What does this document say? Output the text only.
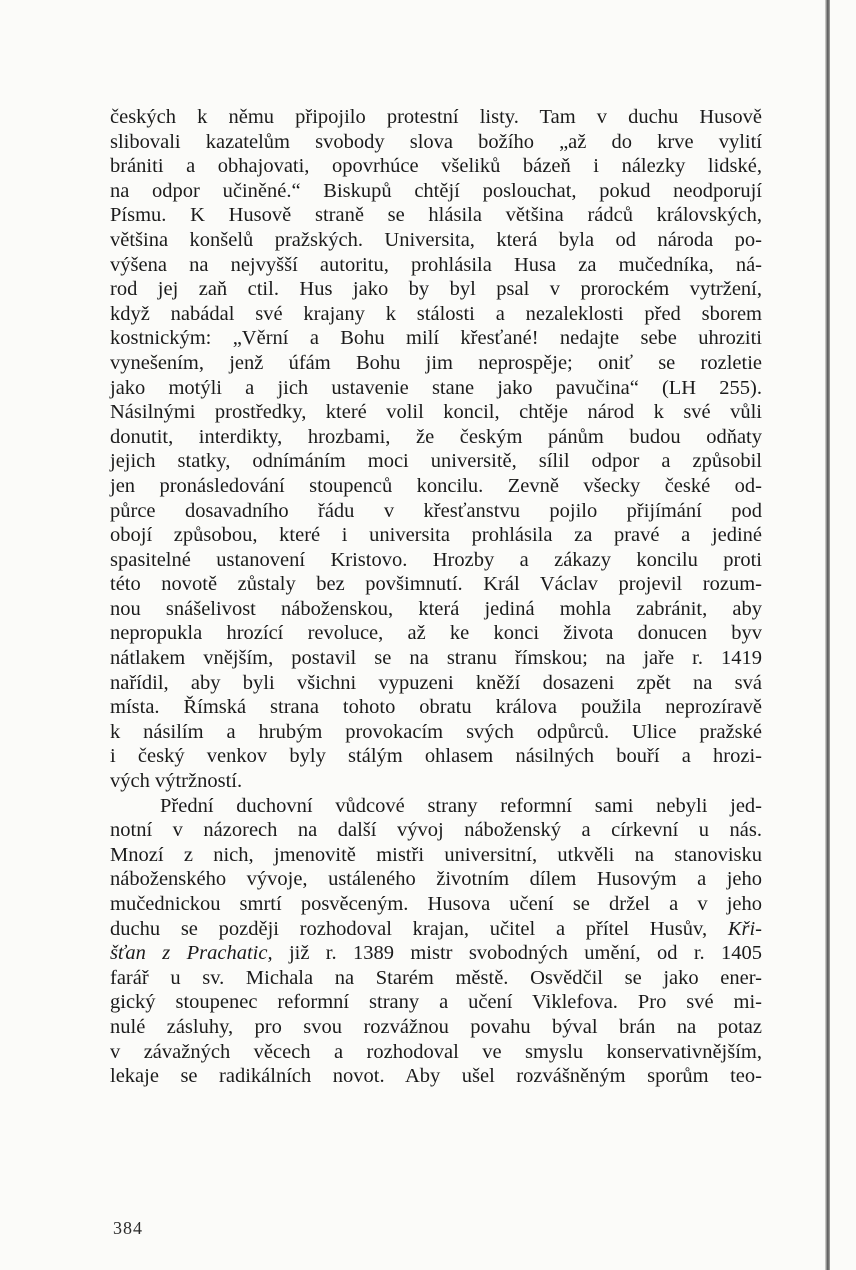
českých k němu připojilo protestní listy. Tam v duchu Husově
slibovali kazatelům svobody slova božího „až do krve vylití
brániti a obhajovati, opovrhúce všeliků bázeň i nálezky lidské,
na odpor učiněné.“ Biskupů chtějí poslouchat, pokud neodporují
Písmu. K Husově straně se hlásila většina rádců královských,
většina konšelů pražských. Universita, která byla od národa po-
výšena na nejvyšší autoritu, prohlásila Husa za mučedníka, ná-
rod jej zaň ctil. Hus jako by byl psal v prorockém vytržení,
když nabádal své krajany k stálosti a nezaleklosti před sborem
kostnickým: „Věrní a Bohu milí křesťané! nedajte sebe uhroziti
vynešením, jenž úfám Bohu jim neprospěje; oniť se rozletie
jako motýli a jich ustavenie stane jako pavučina“ (LH 255).
Násilnými prostředky, které volil koncil, chtěje národ k své vůli
donutit, interdikty, hrozbami, že českým pánům budou odňaty
jejich statky, odnímáním moci universitě, sílil odpor a způsobil
jen pronásledování stoupenců koncilu. Zevně všecky české od-
půrce dosavadního řádu v křesťanstvu pojilo přijímání pod
obojí způsobou, které i universita prohlásila za pravé a jediné
spasitelné ustanovení Kristovo. Hrozby a zákazy koncilu proti
této novotě zůstaly bez povšimnutí. Král Václav projevil rozum-
nou snášelivost náboženskou, která jediná mohla zabránit, aby
nepropukla hrozící revoluce, až ke konci života donucen byv
nátlakem vnějším, postavil se na stranu římskou; na jaře r. 1419
nařídil, aby byli všichni vypuzeni kněží dosazeni zpět na svá
místa. Římská strana tohoto obratu králova použila neprozíravě
k násilím a hrubým provokacím svých odpůrců. Ulice pražské
i český venkov byly stálým ohlasem násilných bouří a hrozi-
vých výtržností.
Přední duchovní vůdcové strany reformní sami nebyli jed-
notní v názorech na další vývoj náboženský a církevní u nás.
Mnozí z nich, jmenovitě mistři universitní, utkvěli na stanovisku
náboženského vývoje, ustáleného životním dílem Husovým a jeho
mučednickou smrtí posvěceným. Husova učení se držel a v jeho
duchu se později rozhodoval krajan, učitel a přítel Husův, Kři-
šťan z Prachatic, již r. 1389 mistr svobodných umění, od r. 1405
farář u sv. Michala na Starém městě. Osvědčil se jako ener-
gický stoupenec reformní strany a učení Viklefova. Pro své mi-
nulé zásluhy, pro svou rozvážnou povahu býval brán na potaz
v závažných věcech a rozhodoval ve smyslu konservativnějším,
lekaje se radikálních novot. Aby ušel rozvášněným sporům teo-
384
